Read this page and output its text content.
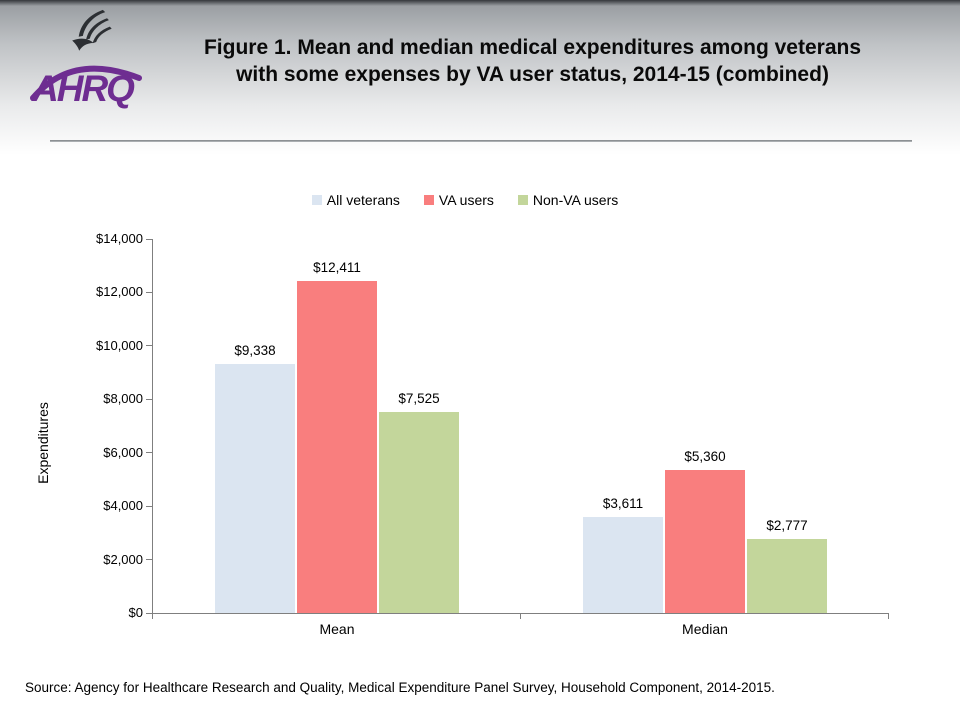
AHRQ
Figure 1. Mean and median medical expenditures among veterans
with some expenses by VA user status, 2014-15 (combined)
All veterans	VA users	Non-VA users
Expenditures
$0
$2,000
$4,000
$6,000
$8,000
$10,000
$12,000
$14,000
$9,338
$12,411
$7,525
Mean
$3,611
$5,360
$2,777
Median
Source: Agency for Healthcare Research and Quality, Medical Expenditure Panel Survey, Household Component, 2014-2015.
